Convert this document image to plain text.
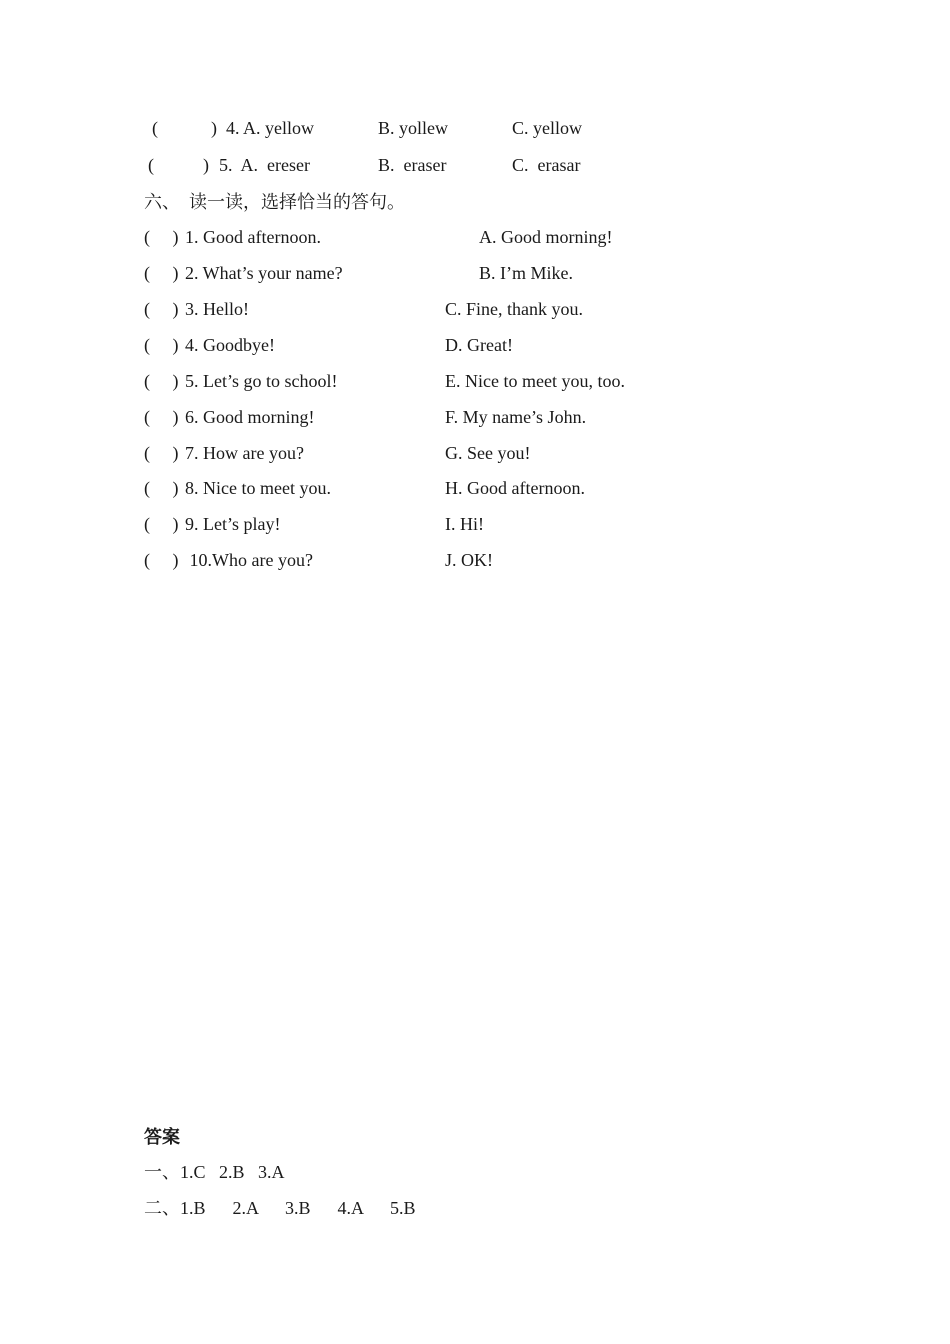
(	) 4. A. yellow	B. yollew	C. yellow
(	) 5.  A.  ereser	B.  eraser	C.  erasar
六、  读一读，选择恰当的答句。
(     ) 1. Good afternoon.	A. Good morning!
(     ) 2. What’s your name?	B. I’m Mike.
(     ) 3. Hello!	C. Fine, thank you.
(     ) 4. Goodbye!	D. Great!
(     ) 5. Let’s go to school!	E. Nice to meet you, too.
(     ) 6. Good morning!	F. My name’s John.
(     ) 7. How are you?	G. See you!
(     ) 8. Nice to meet you.	H. Good afternoon.
(     ) 9. Let’s play!	I. Hi!
(     ) 10.Who are you?	J. OK!
答案
一、1.C   2.B   3.A
二、1.B      2.A      3.B      4.A      5.B
